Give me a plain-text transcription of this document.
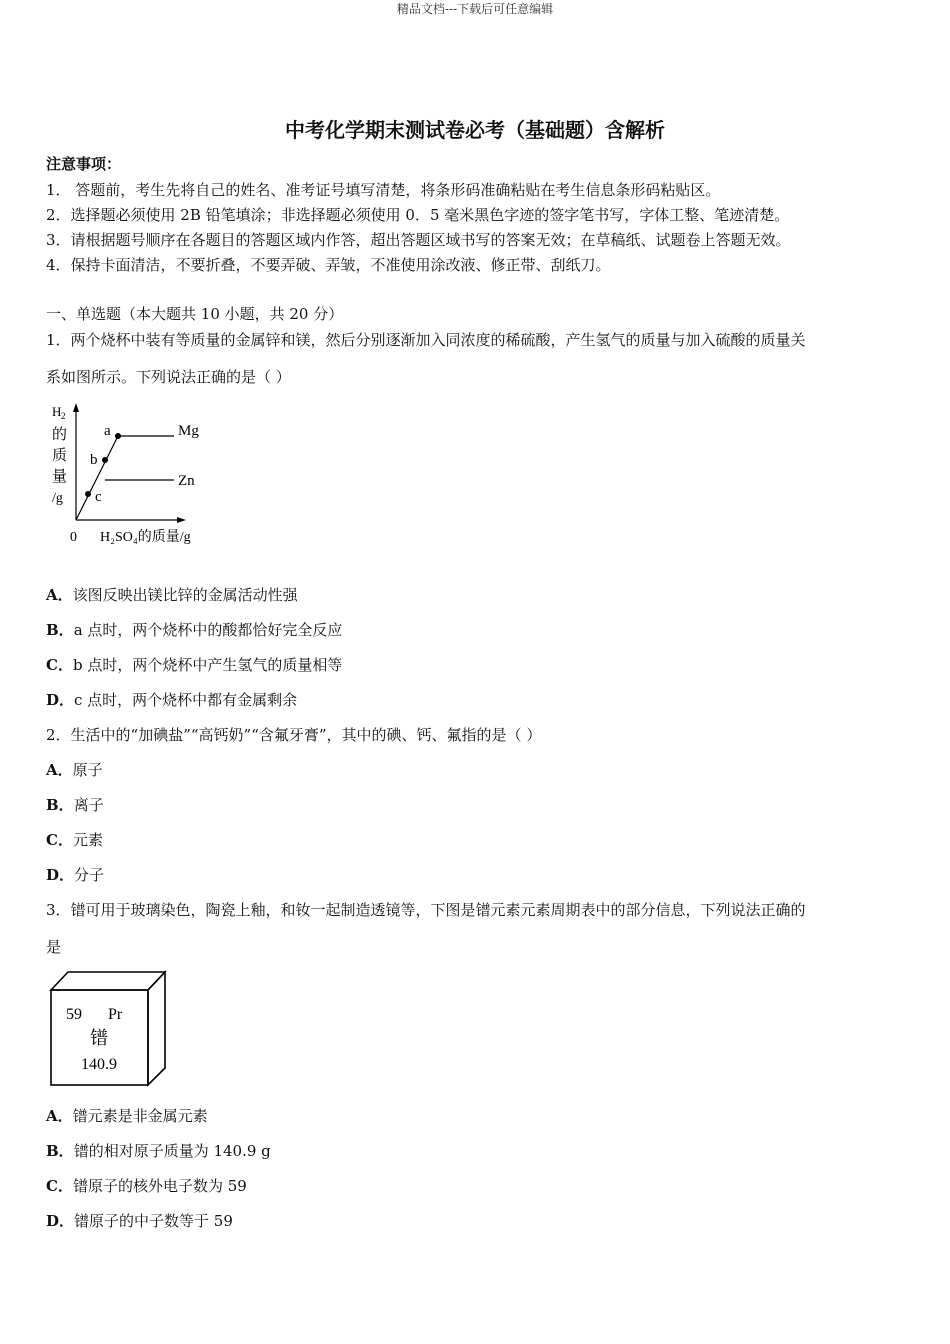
精品文档---下载后可任意编辑
中考化学期末测试卷必考（基础题）含解析
注意事项：
1． 答题前，考生先将自己的姓名、准考证号填写清楚，将条形码准确粘贴在考生信息条形码粘贴区。
2．选择题必须使用 2B 铅笔填涂；非选择题必须使用 0．5 毫米黑色字迹的签字笔书写，字体工整、笔迹清楚。
3．请根据题号顺序在各题目的答题区域内作答，超出答题区域书写的答案无效；在草稿纸、试题卷上答题无效。
4．保持卡面清洁，不要折叠，不要弄破、弄皱，不准使用涂改液、修正带、刮纸刀。
一、单选题（本大题共 10 小题，共 20 分）
1．两个烧杯中装有等质量的金属锌和镁，然后分别逐渐加入同浓度的稀硫酸，产生氢气的质量与加入硫酸的质量关
系如图所示。下列说法正确的是（ ）
a
b
c
Mg
Zn
H 2
的
质
量
/g
0 H₂SO₄的质量/g
A．该图反映出镁比锌的金属活动性强
B．a 点时，两个烧杯中的酸都恰好完全反应
C．b 点时，两个烧杯中产生氢气的质量相等
D．c 点时，两个烧杯中都有金属剩余
2．生活中的“加碘盐”“高钙奶”“含氟牙膏”，其中的碘、钙、氟指的是（ ）
A．原子
B．离子
C．元素
D．分子
3．镨可用于玻璃染色，陶瓷上釉，和钕一起制造透镜等，下图是镨元素元素周期表中的部分信息，下列说法正确的
是
59 Pr
镨
140.9
A．镨元素是非金属元素
B．镨的相对原子质量为 140.9 g
C．镨原子的核外电子数为 59
D．镨原子的中子数等于 59
